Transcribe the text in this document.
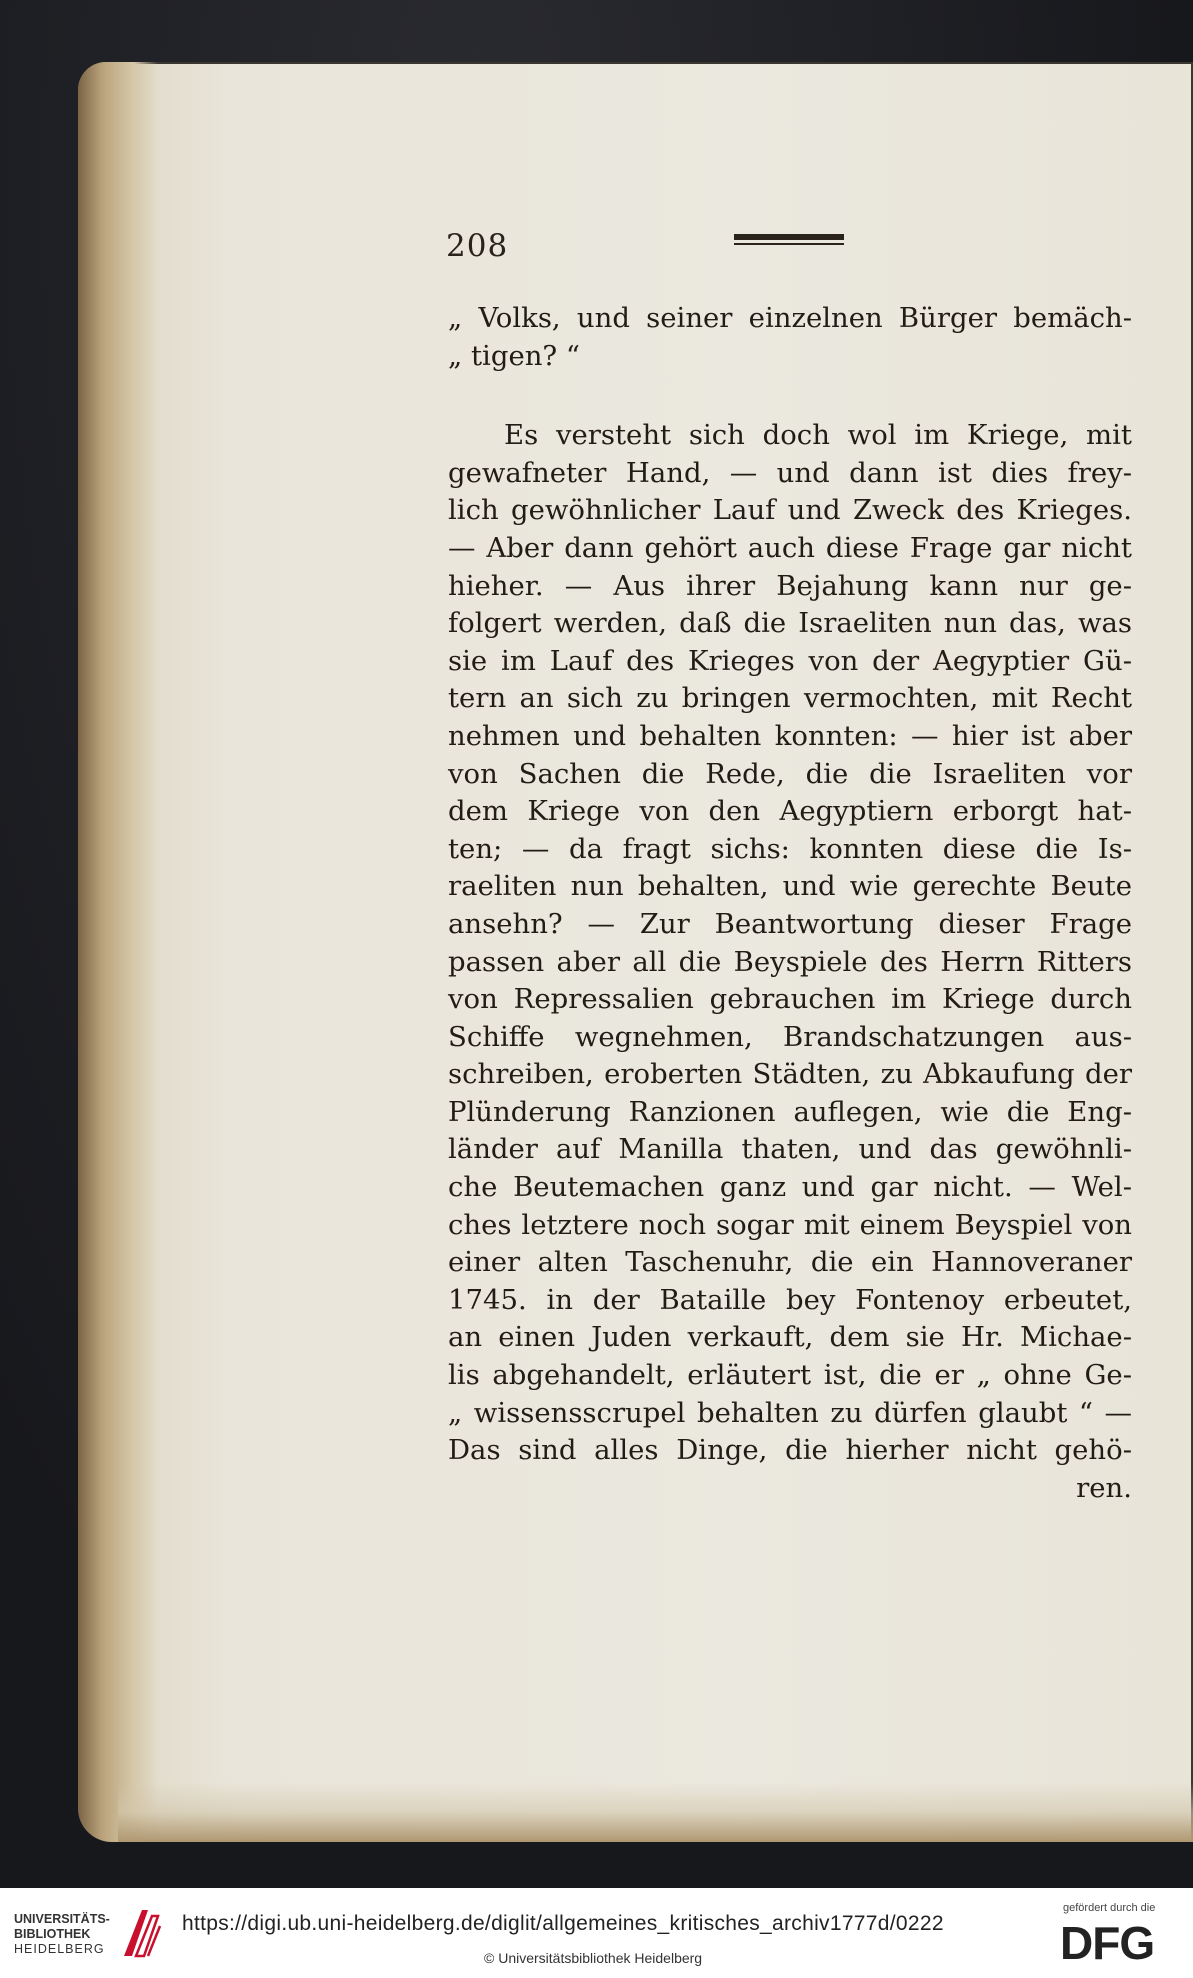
208
„ Volks, und seiner einzelnen Bürger bemäch-
„ tigen? “
Es versteht sich doch wol im Kriege, mit
gewafneter Hand, — und dann ist dies frey-
lich gewöhnlicher Lauf und Zweck des Krieges.
— Aber dann gehört auch diese Frage gar nicht
hieher. — Aus ihrer Bejahung kann nur ge-
folgert werden, daß die Israeliten nun das, was
sie im Lauf des Krieges von der Aegyptier Gü-
tern an sich zu bringen vermochten, mit Recht
nehmen und behalten konnten: — hier ist aber
von Sachen die Rede, die die Israeliten vor
dem Kriege von den Aegyptiern erborgt hat-
ten; — da fragt sichs: konnten diese die Is-
raeliten nun behalten, und wie gerechte Beute
ansehn? — Zur Beantwortung dieser Frage
passen aber all die Beyspiele des Herrn Ritters
von Repressalien gebrauchen im Kriege durch
Schiffe wegnehmen, Brandschatzungen aus-
schreiben, eroberten Städten, zu Abkaufung der
Plünderung Ranzionen auflegen, wie die Eng-
länder auf Manilla thaten, und das gewöhnli-
che Beutemachen ganz und gar nicht. — Wel-
ches letztere noch sogar mit einem Beyspiel von
einer alten Taschenuhr, die ein Hannoveraner
1745. in der Bataille bey Fontenoy erbeutet,
an einen Juden verkauft, dem sie Hr. Michae-
lis abgehandelt, erläutert ist, die er „ ohne Ge-
„ wissensscrupel behalten zu dürfen glaubt “ —
Das sind alles Dinge, die hierher nicht gehö-
ren.
UNIVERSITÄTS-
BIBLIOTHEK
HEIDELBERG
https://digi.ub.uni-heidelberg.de/diglit/allgemeines_kritisches_archiv1777d/0222
© Universitätsbibliothek Heidelberg
gefördert durch die
DFG
